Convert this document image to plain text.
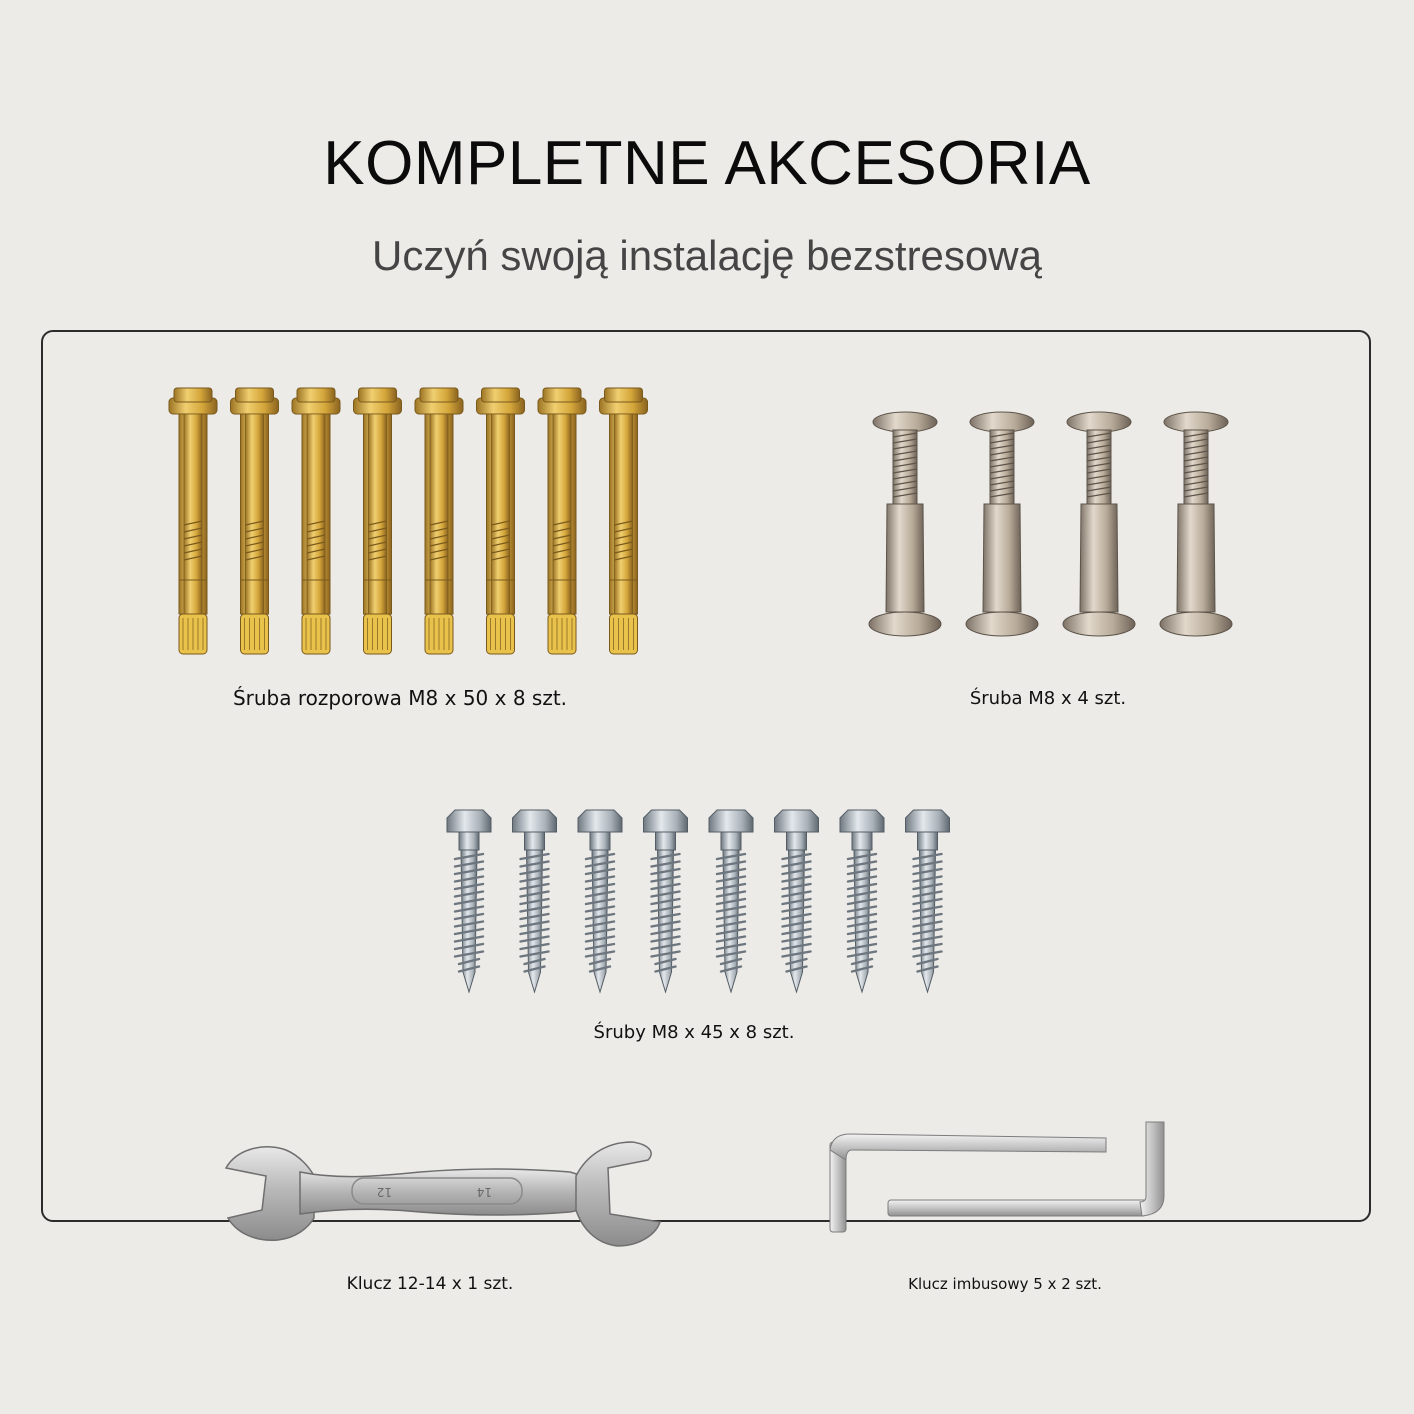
KOMPLETNE AKCESORIA
Uczyń swoją instalację bezstresową
Śruba rozporowa M8 x 50 x 8 szt.	Śruba M8 x 4 szt.
Śruby M8 x 45 x 8 szt.
12	14
Klucz 12-14 x 1 szt.	Klucz imbusowy 5 x 2 szt.
